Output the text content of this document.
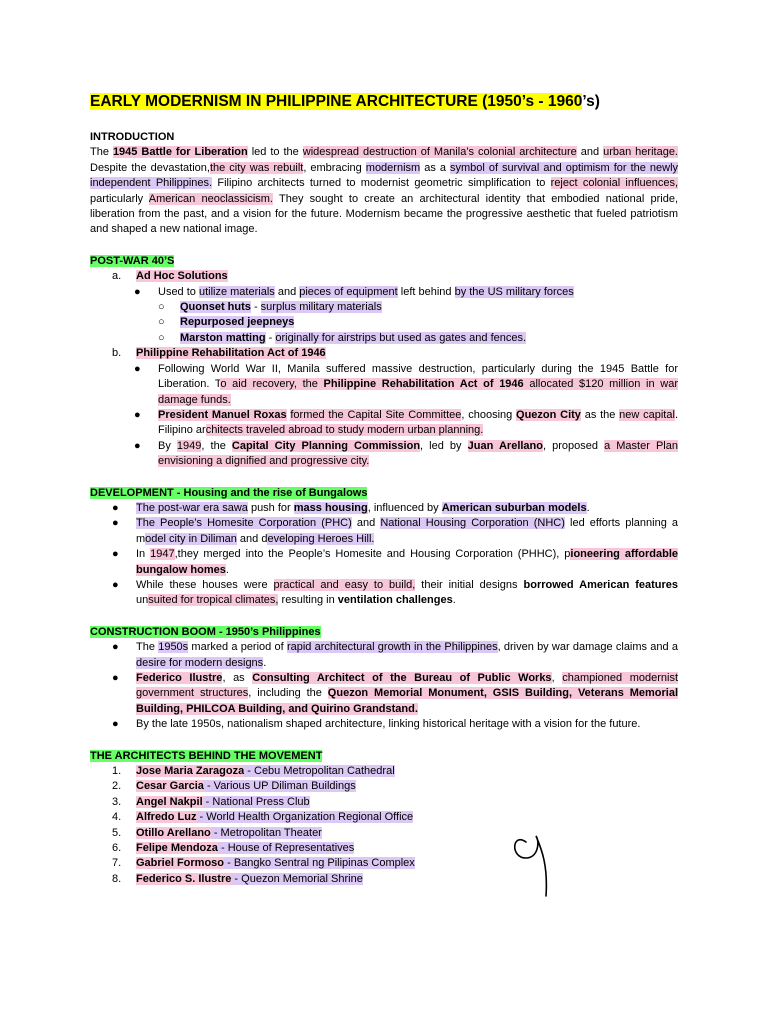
EARLY MODERNISM IN PHILIPPINE ARCHITECTURE (1950’s - 1960’s)
INTRODUCTION

The 1945 Battle for Liberation led to the widespread destruction of Manila’s colonial architecture and urban heritage. Despite the devastation,the city was rebuilt, embracing modernism as a symbol of survival and optimism for the newly independent Philippines. Filipino architects turned to modernist geometric simplification to reject colonial influences, particularly American neoclassicism. They sought to create an architectural identity that embodied national pride, liberation from the past, and a vision for the future. Modernism became the progressive aesthetic that fueled patriotism and shaped a new national image.

POST-WAR 40’S
a. Ad Hoc Solutions
● Used to utilize materials and pieces of equipment left behind by the US military forces
○ Quonset huts - surplus military materials
○ Repurposed jeepneys
○ Marston matting - originally for airstrips but used as gates and fences.
b. Philippine Rehabilitation Act of 1946
● Following World War II, Manila suffered massive destruction, particularly during the 1945 Battle for Liberation. To aid recovery, the Philippine Rehabilitation Act of 1946 allocated $120 million in war damage funds.
● President Manuel Roxas formed the Capital Site Committee, choosing Quezon City as the new capital. Filipino architects traveled abroad to study modern urban planning.
● By 1949, the Capital City Planning Commission, led by Juan Arellano, proposed a Master Plan envisioning a dignified and progressive city.
DEVELOPMENT - Housing and the rise of Bungalows
● The post-war era sawa push for mass housing, influenced by American suburban models.
● The People’s Homesite Corporation (PHC) and National Housing Corporation (NHC) led efforts planning a model city in Diliman and developing Heroes Hill.
● In 1947,they merged into the People’s Homesite and Housing Corporation (PHHC), pioneering affordable bungalow homes.
● While these houses were practical and easy to build, their initial designs borrowed American features unsuited for tropical climates, resulting in ventilation challenges.
CONSTRUCTION BOOM - 1950’s Philippines
● The 1950s marked a period of rapid architectural growth in the Philippines, driven by war damage claims and a desire for modern designs.
● Federico Ilustre, as Consulting Architect of the Bureau of Public Works, championed modernist government structures, including the Quezon Memorial Monument, GSIS Building, Veterans Memorial Building, PHILCOA Building, and Quirino Grandstand.
● By the late 1950s, nationalism shaped architecture, linking historical heritage with a vision for the future.
THE ARCHITECTS BEHIND THE MOVEMENT
1. Jose Maria Zaragoza - Cebu Metropolitan Cathedral
2. Cesar Garcia - Various UP Diliman Buildings
3. Angel Nakpil - National Press Club
4. Alfredo Luz - World Health Organization Regional Office
5. Otillo Arellano - Metropolitan Theater
6. Felipe Mendoza - House of Representatives
7. Gabriel Formoso - Bangko Sentral ng Pilipinas Complex
8. Federico S. Ilustre - Quezon Memorial Shrine
